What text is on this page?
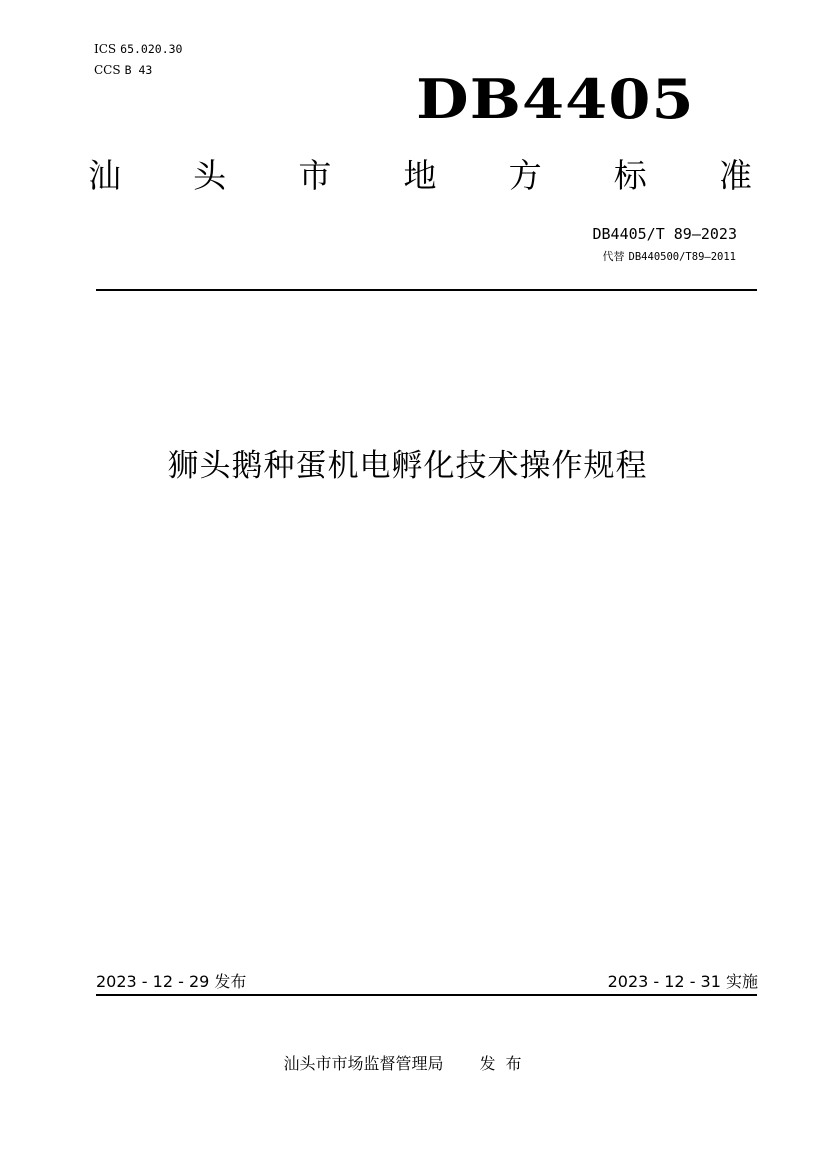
ICS 65.020.30
CCS B 43	DB4405
汕 头 市 地 方 标 准
DB4405/T 89—2023
代替 DB440500/T89—2011
狮头鹅种蛋机电孵化技术操作规程
2023 - 12 - 29 发布	2023 - 12 - 31 实施
汕头市市场监督管理局 发布
